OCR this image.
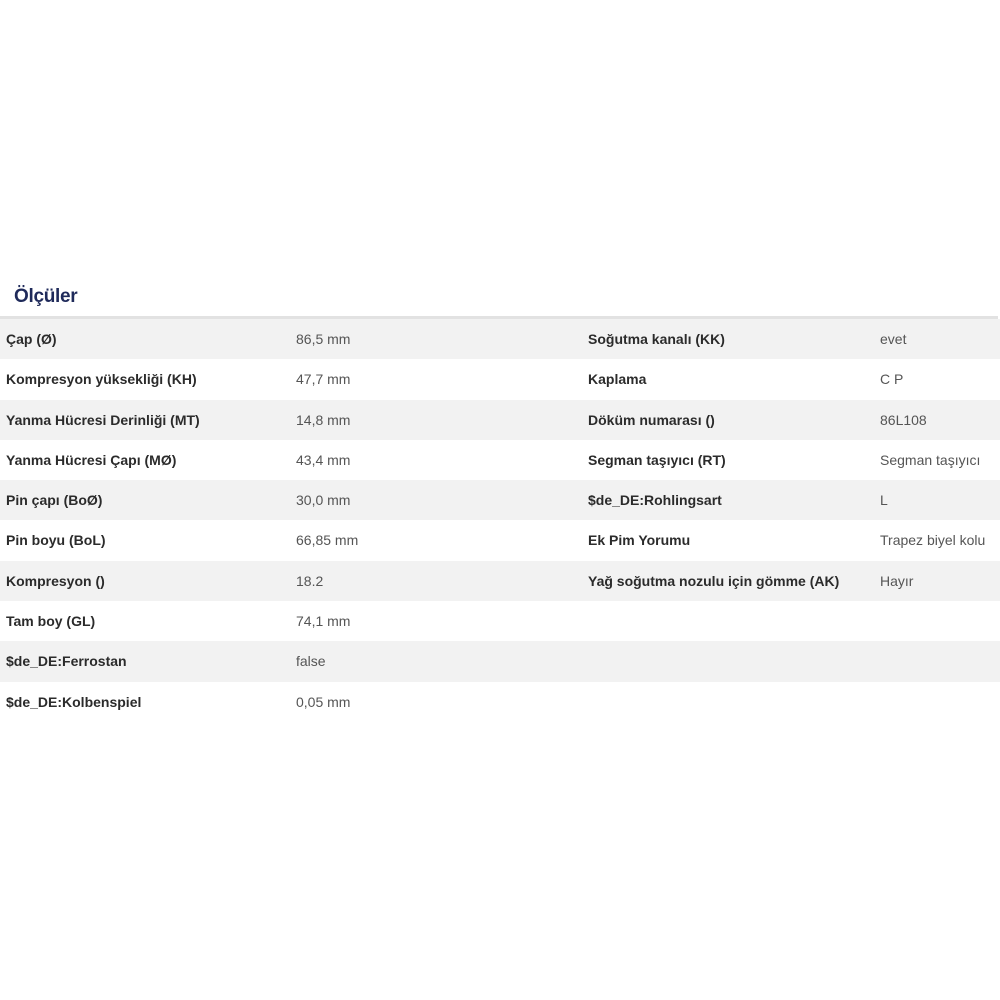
Ölçüler
Çap (Ø)	86,5 mm	Soğutma kanalı (KK)	evet
Kompresyon yüksekliği (KH)	47,7 mm	Kaplama	C P
Yanma Hücresi Derinliği (MT)	14,8 mm	Döküm numarası ()	86L108
Yanma Hücresi Çapı (MØ)	43,4 mm	Segman taşıyıcı (RT)	Segman taşıyıcı
Pin çapı (BoØ)	30,0 mm	$de_DE:Rohlingsart	L
Pin boyu (BoL)	66,85 mm	Ek Pim Yorumu	Trapez biyel kolu
Kompresyon ()	18.2	Yağ soğutma nozulu için gömme (AK)	Hayır
Tam boy (GL)	74,1 mm
$de_DE:Ferrostan	false
$de_DE:Kolbenspiel	0,05 mm
